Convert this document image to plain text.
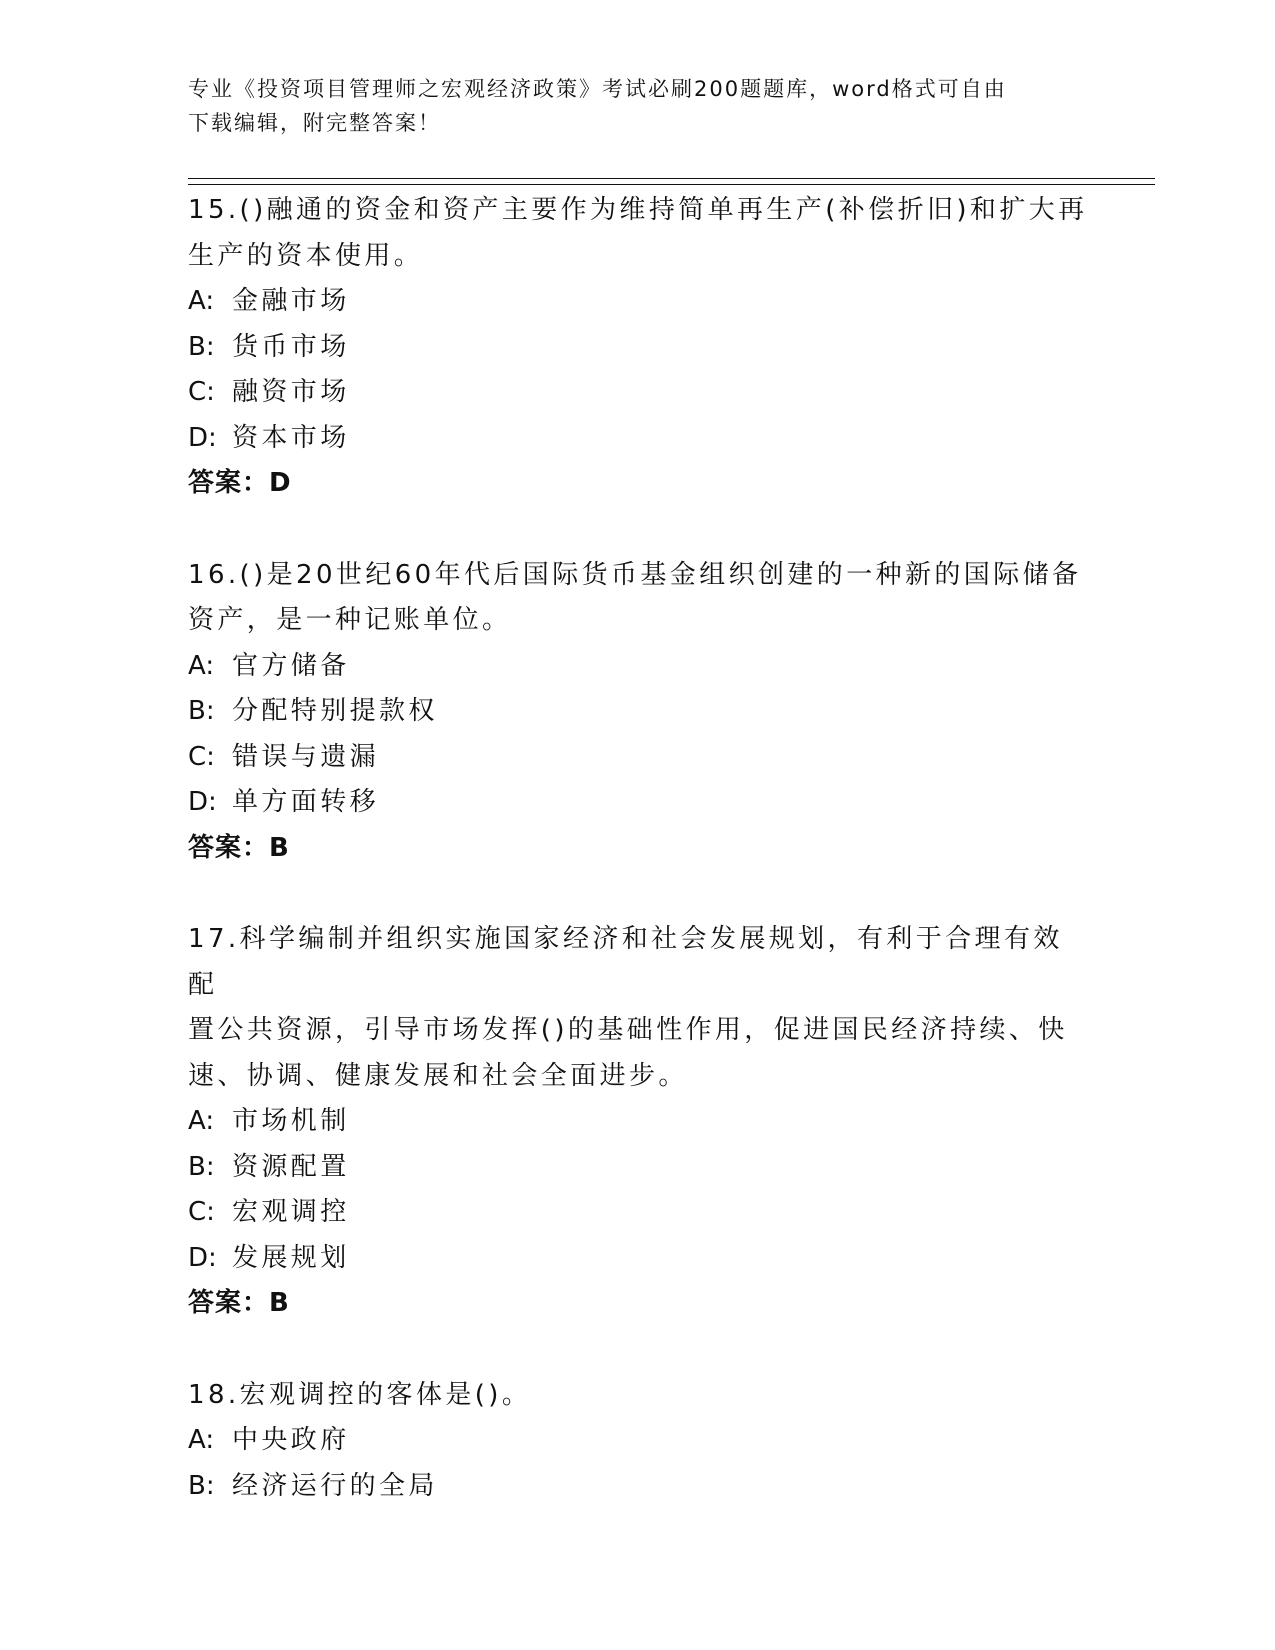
专业《投资项目管理师之宏观经济政策》考试必刷200题题库，word格式可自由
下载编辑，附完整答案！

15.()融通的资金和资产主要作为维持简单再生产(补偿折旧)和扩大再

生产的资本使用。

A: 金融市场

B: 货币市场

C: 融资市场

D: 资本市场

答案：D

16.()是20世纪60年代后国际货币基金组织创建的一种新的国际储备

资产，是一种记账单位。

A: 官方储备

B: 分配特别提款权

C: 错误与遗漏

D: 单方面转移

答案：B

17.科学编制并组织实施国家经济和社会发展规划，有利于合理有效配

置公共资源，引导市场发挥()的基础性作用，促进国民经济持续、快

速、协调、健康发展和社会全面进步。

A: 市场机制

B: 资源配置

C: 宏观调控

D: 发展规划

答案：B

18.宏观调控的客体是()。

A: 中央政府

B: 经济运行的全局
